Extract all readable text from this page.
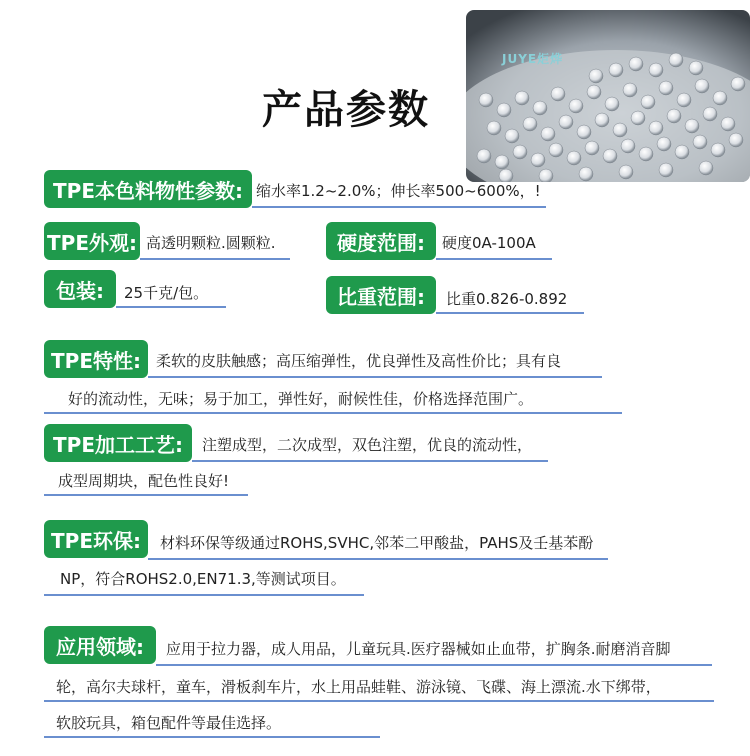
产品参数
JUYE炬烨
TPE本色料物性参数: 缩水率1.2~2.0%；伸长率500~600%，!
TPE外观: 高透明颗粒.圆颗粒.	硬度范围:	硬度0A-100A
包装:	25千克/包。	比重范围:	比重0.826-0.892
TPE特性:	柔软的皮肤触感；高压缩弹性，优良弹性及高性价比；具有良
好的流动性，无味；易于加工，弹性好，耐候性佳，价格选择范围广。
TPE加工工艺:	注塑成型，二次成型，双色注塑，优良的流动性，
成型周期块，配色性良好!
TPE环保:	材料环保等级通过ROHS,SVHC,邻苯二甲酸盐，PAHS及壬基苯酚
NP，符合ROHS2.0,EN71.3,等测试项目。
应用领域:	应用于拉力器，成人用品，儿童玩具.医疗器械如止血带，扩胸条.耐磨消音脚
轮，高尔夫球杆，童车，滑板刹车片，水上用品蛙鞋、游泳镜、飞碟、海上漂流.水下绑带，
软胶玩具，箱包配件等最佳选择。
